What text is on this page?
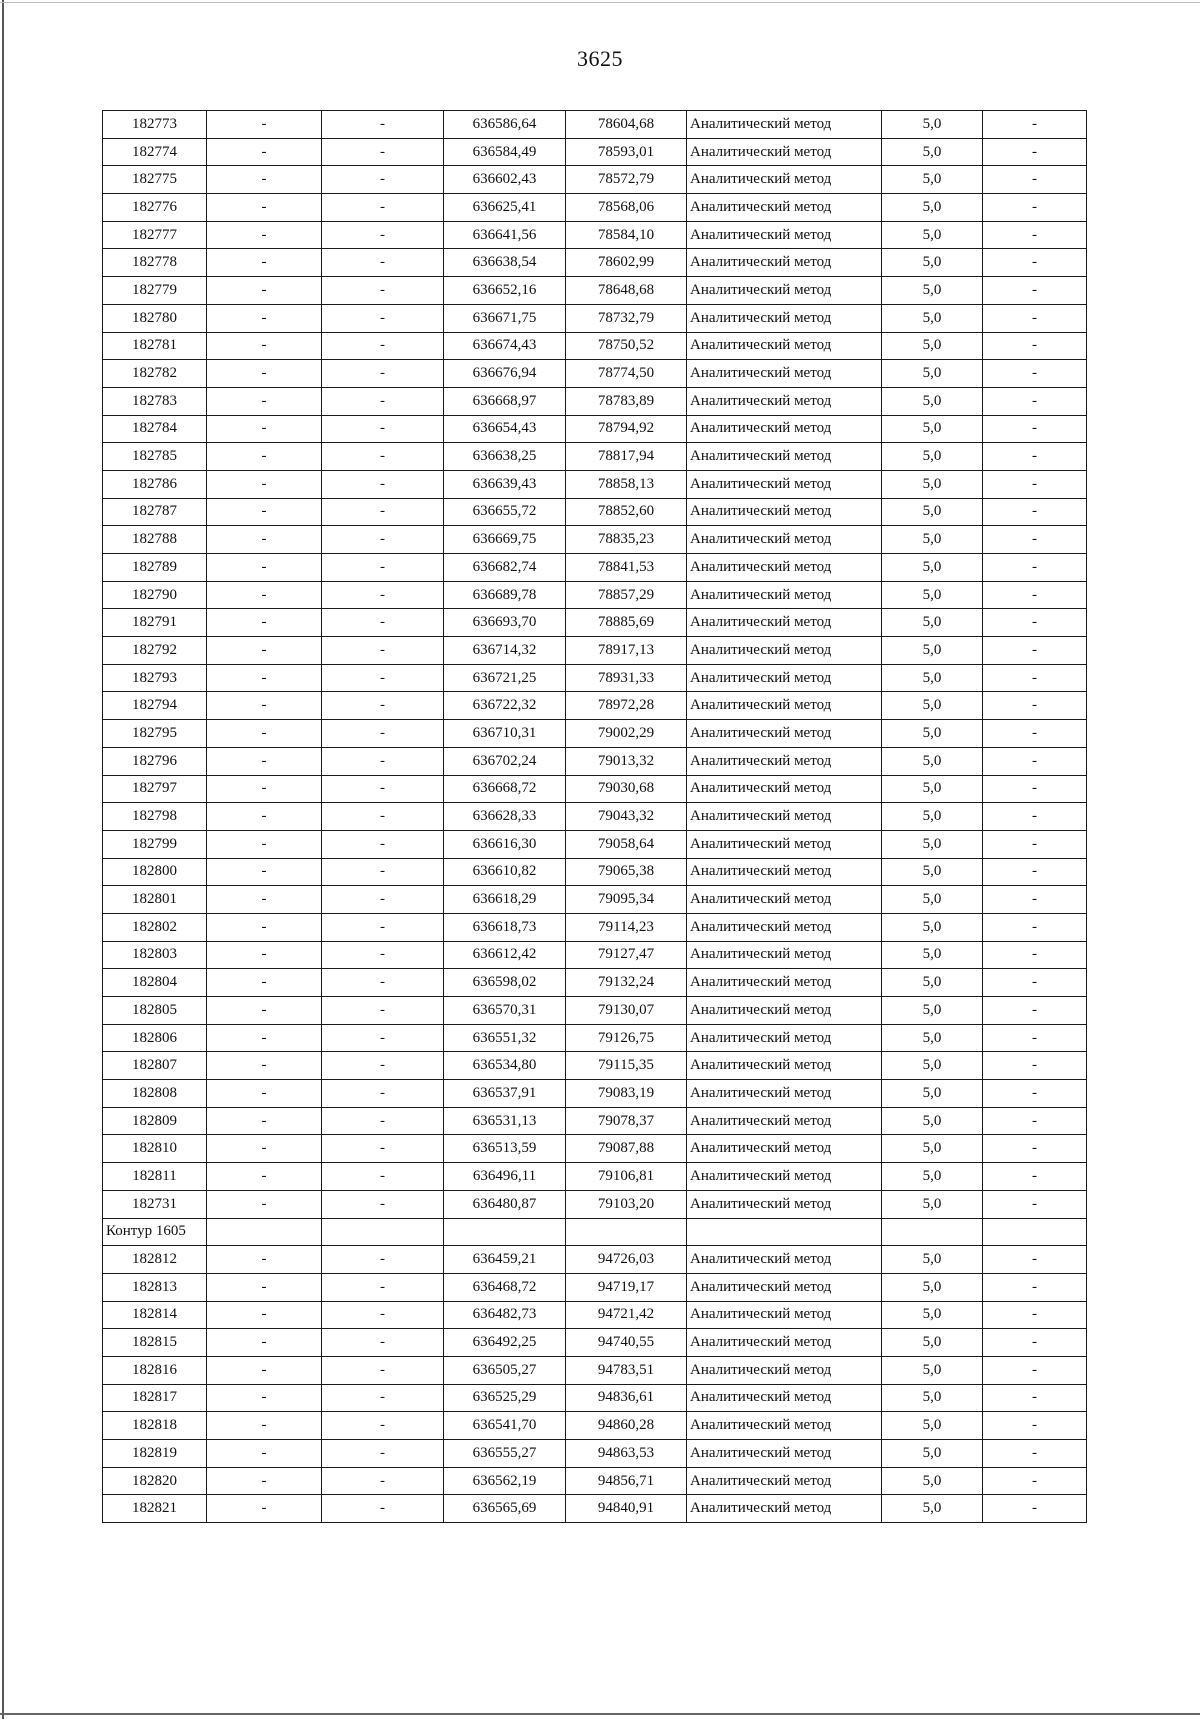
3625
182773	-	-	636586,64	78604,68	Аналитический метод	5,0	-
182774	-	-	636584,49	78593,01	Аналитический метод	5,0	-
182775	-	-	636602,43	78572,79	Аналитический метод	5,0	-
182776	-	-	636625,41	78568,06	Аналитический метод	5,0	-
182777	-	-	636641,56	78584,10	Аналитический метод	5,0	-
182778	-	-	636638,54	78602,99	Аналитический метод	5,0	-
182779	-	-	636652,16	78648,68	Аналитический метод	5,0	-
182780	-	-	636671,75	78732,79	Аналитический метод	5,0	-
182781	-	-	636674,43	78750,52	Аналитический метод	5,0	-
182782	-	-	636676,94	78774,50	Аналитический метод	5,0	-
182783	-	-	636668,97	78783,89	Аналитический метод	5,0	-
182784	-	-	636654,43	78794,92	Аналитический метод	5,0	-
182785	-	-	636638,25	78817,94	Аналитический метод	5,0	-
182786	-	-	636639,43	78858,13	Аналитический метод	5,0	-
182787	-	-	636655,72	78852,60	Аналитический метод	5,0	-
182788	-	-	636669,75	78835,23	Аналитический метод	5,0	-
182789	-	-	636682,74	78841,53	Аналитический метод	5,0	-
182790	-	-	636689,78	78857,29	Аналитический метод	5,0	-
182791	-	-	636693,70	78885,69	Аналитический метод	5,0	-
182792	-	-	636714,32	78917,13	Аналитический метод	5,0	-
182793	-	-	636721,25	78931,33	Аналитический метод	5,0	-
182794	-	-	636722,32	78972,28	Аналитический метод	5,0	-
182795	-	-	636710,31	79002,29	Аналитический метод	5,0	-
182796	-	-	636702,24	79013,32	Аналитический метод	5,0	-
182797	-	-	636668,72	79030,68	Аналитический метод	5,0	-
182798	-	-	636628,33	79043,32	Аналитический метод	5,0	-
182799	-	-	636616,30	79058,64	Аналитический метод	5,0	-
182800	-	-	636610,82	79065,38	Аналитический метод	5,0	-
182801	-	-	636618,29	79095,34	Аналитический метод	5,0	-
182802	-	-	636618,73	79114,23	Аналитический метод	5,0	-
182803	-	-	636612,42	79127,47	Аналитический метод	5,0	-
182804	-	-	636598,02	79132,24	Аналитический метод	5,0	-
182805	-	-	636570,31	79130,07	Аналитический метод	5,0	-
182806	-	-	636551,32	79126,75	Аналитический метод	5,0	-
182807	-	-	636534,80	79115,35	Аналитический метод	5,0	-
182808	-	-	636537,91	79083,19	Аналитический метод	5,0	-
182809	-	-	636531,13	79078,37	Аналитический метод	5,0	-
182810	-	-	636513,59	79087,88	Аналитический метод	5,0	-
182811	-	-	636496,11	79106,81	Аналитический метод	5,0	-
182731	-	-	636480,87	79103,20	Аналитический метод	5,0	-
Контур 1605							
182812	-	-	636459,21	94726,03	Аналитический метод	5,0	-
182813	-	-	636468,72	94719,17	Аналитический метод	5,0	-
182814	-	-	636482,73	94721,42	Аналитический метод	5,0	-
182815	-	-	636492,25	94740,55	Аналитический метод	5,0	-
182816	-	-	636505,27	94783,51	Аналитический метод	5,0	-
182817	-	-	636525,29	94836,61	Аналитический метод	5,0	-
182818	-	-	636541,70	94860,28	Аналитический метод	5,0	-
182819	-	-	636555,27	94863,53	Аналитический метод	5,0	-
182820	-	-	636562,19	94856,71	Аналитический метод	5,0	-
182821	-	-	636565,69	94840,91	Аналитический метод	5,0	-
